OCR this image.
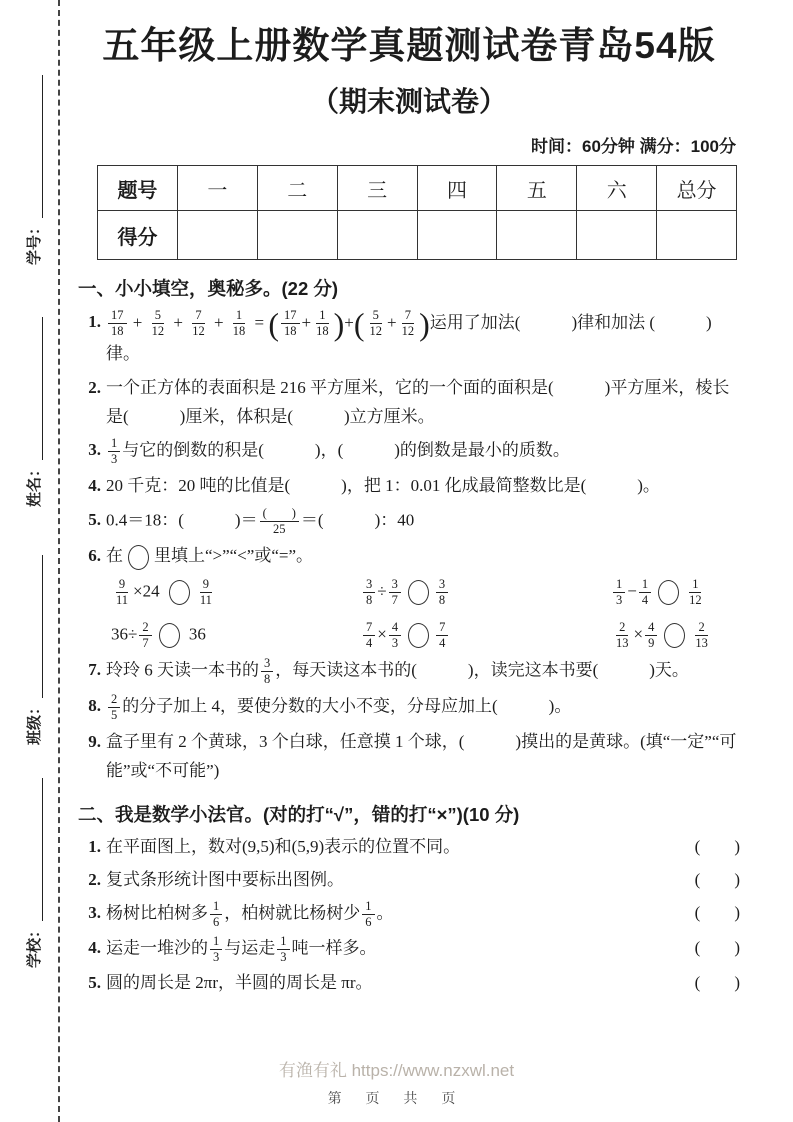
学号：
姓名：
班级：
学校：
五年级上册数学真题测试卷青岛54版
（期末测试卷）
时间：60分钟 满分：100分
题号	一	二	三	四	五	六	总分
得分							
一、小小填空，奥秘多。(22 分)
1. $\frac{17}{18} + \frac{5}{12} + \frac{7}{12} + \frac{1}{18}$ = ( $\frac{17}{18} + \frac{1}{18}$ )+( $\frac{5}{12} + \frac{7}{12}$ )运用了加法(　　　)律和加法 (　　　)律。
2. 一个正方体的表面积是 216 平方厘米，它的一个面的面积是(　　　)平方厘米，棱长是(　　　)厘米，体积是(　　　)立方厘米。
3. $\frac{1}{3}$ 与它的倒数的积是(　　　)，(　　　)的倒数是最小的质数。
4. 20 千克：20 吨的比值是(　　　)，把 1：0.01 化成最简整数比是(　　　)。
5. 0.4＝18：(　　　)＝ $\frac{( )}{25}$ ＝(　　　)：40
6. 在 里填上“>”“<”或“=”。
$\frac{9}{11} \times 24$	$\frac{9}{11}$	$\frac{3}{8} \div \frac{3}{7}$	$\frac{3}{8}$	$\frac{1}{3} - \frac{1}{4}$	$\frac{1}{12}$
$36\div \frac{2}{7} 36$	$\frac{7}{4} \times \frac{4}{3}$	$\frac{7}{4}$	$\frac{2}{13} \times \frac{4}{9}$	$\frac{2}{13}$
7. 玲玲 6 天读一本书的 $\frac{3}{8}$ ，每天读这本书的(　　　)，读完这本书要(　　　)天。
8. $\frac{2}{5}$ 的分子加上 4，要使分数的大小不变，分母应加上(　　　)。
9. 盒子里有 2 个黄球，3 个白球，任意摸 1 个球，(　　　)摸出的是黄球。(填“一定”“可能”或“不可能”)
二、我是数学小法官。(对的打“√”，错的打“×”)(10 分)
1. 在平面图上，数对(9,5)和(5,9)表示的位置不同。	(　　)
2. 复式条形统计图中要标出图例。	(　　)
3. 杨树比柏树多 $\frac{1}{6}$ ，柏树就比杨树少 $\frac{1}{6}$ 。	(　　)
4. 运走一堆沙的 $\frac{1}{3}$ 与运走 $\frac{1}{3}$ 吨一样多。	(　　)
5. 圆的周长是 2πr，半圆的周长是 πr。	(　　)
有渔有礼 https://www.nzxwl.net
第 页 共 页
